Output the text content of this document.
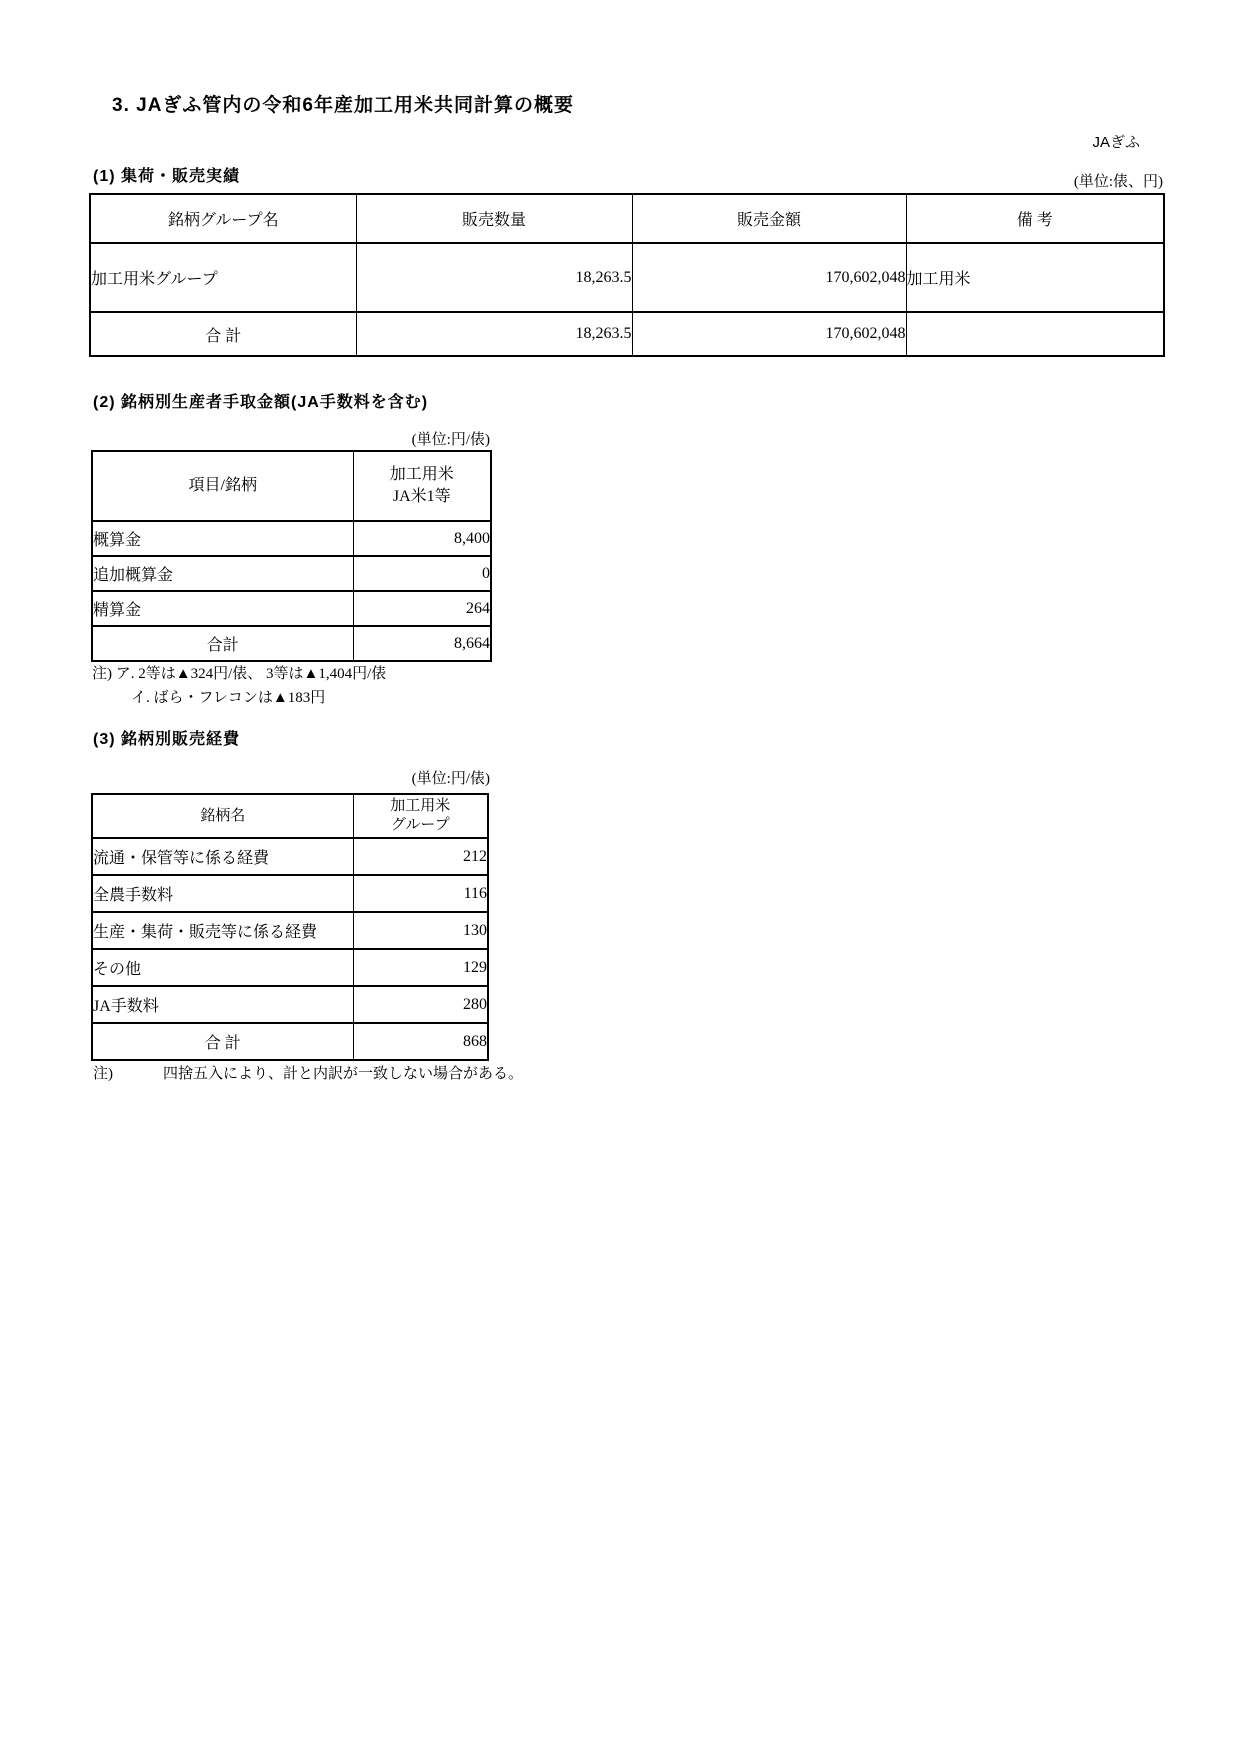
3. JAぎふ管内の令和6年産加工用米共同計算の概要
JAぎふ
(1) 集荷・販売実績	(単位:俵、円)
銘柄グループ名	販売数量	販売金額	備 考
加工用米グループ	18,263.5	170,602,048	加工用米
合 計	18,263.5	170,602,048	
(2) 銘柄別生産者手取金額(JA手数料を含む)
(単位:円/俵)
項目/銘柄	加工用米
JA米1等
概算金	8,400
追加概算金	0
精算金	264
合計	8,664
注) ア. 2等は▲324円/俵、 3等は▲1,404円/俵
イ. ばら・フレコンは▲183円
(3) 銘柄別販売経費
(単位:円/俵)
銘柄名	加工用米
グループ
流通・保管等に係る経費	212
全農手数料	116
生産・集荷・販売等に係る経費	130
その他	129
JA手数料	280
合 計	868
注)	四捨五入により、計と内訳が一致しない場合がある。
